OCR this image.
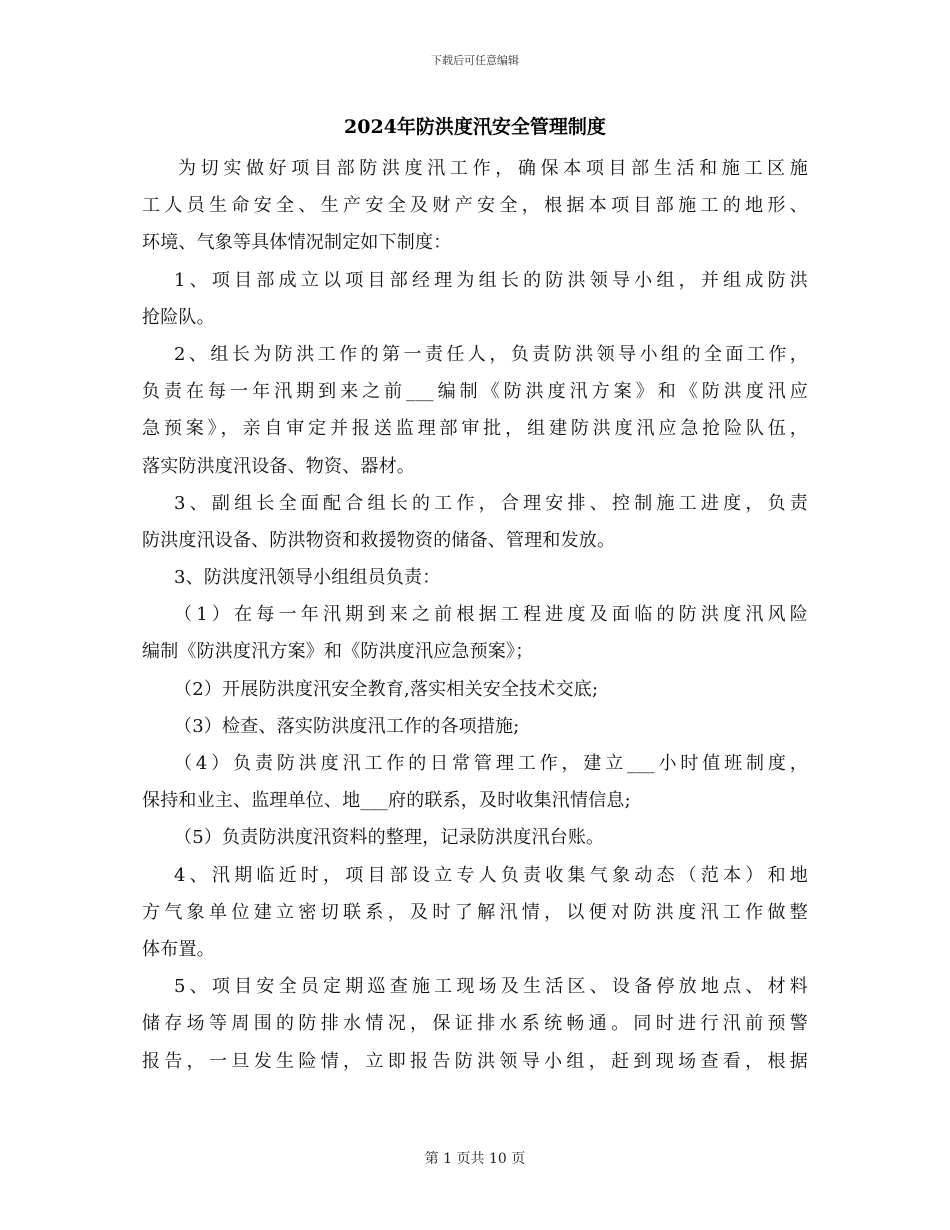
下载后可任意编辑
2024年防洪度汛安全管理制度
为切实做好项目部防洪度汛工作，确保本项目部生活和施工区施
工人员生命安全、生产安全及财产安全，根据本项目部施工的地形、
环境、气象等具体情况制定如下制度：
1、项目部成立以项目部经理为组长的防洪领导小组，并组成防洪
抢险队。
2、组长为防洪工作的第一责任人，负责防洪领导小组的全面工作，
负责在每一年汛期到来之前___编制《防洪度汛方案》和《防洪度汛应
急预案》，亲自审定并报送监理部审批，组建防洪度汛应急抢险队伍，
落实防洪度汛设备、物资、器材。
3、副组长全面配合组长的工作，合理安排、控制施工进度，负责
防洪度汛设备、防洪物资和救援物资的储备、管理和发放。
3、防洪度汛领导小组组员负责：
（1）在每一年汛期到来之前根据工程进度及面临的防洪度汛风险
编制《防洪度汛方案》和《防洪度汛应急预案》；
（2）开展防洪度汛安全教育,落实相关安全技术交底;
（3）检查、落实防洪度汛工作的各项措施;
（4）负责防洪度汛工作的日常管理工作，建立___小时值班制度，
保持和业主、监理单位、地___府的联系，及时收集汛情信息;
（5）负责防洪度汛资料的整理，记录防洪度汛台账。
4、汛期临近时，项目部设立专人负责收集气象动态（范本）和地
方气象单位建立密切联系，及时了解汛情，以便对防洪度汛工作做整
体布置。
5、项目安全员定期巡查施工现场及生活区、设备停放地点、材料
储存场等周围的防排水情况，保证排水系统畅通。同时进行汛前预警
报告，一旦发生险情，立即报告防洪领导小组，赶到现场查看，根据
第 1 页共 10 页
